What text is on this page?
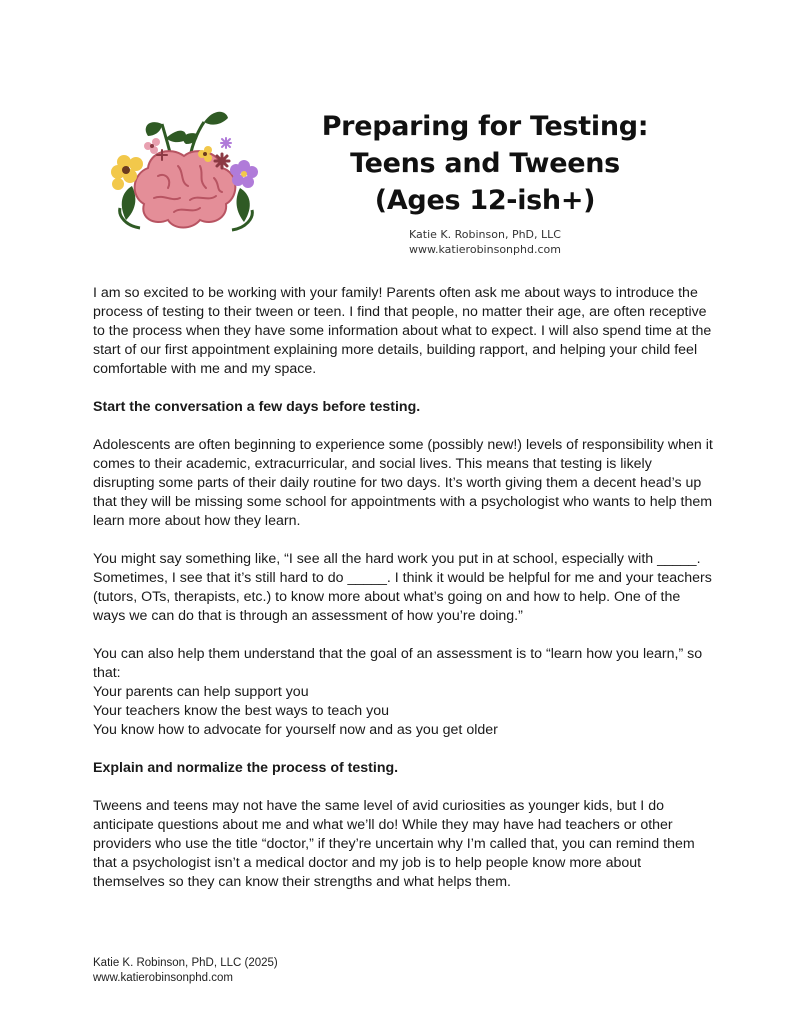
Preparing for Testing:
Teens and Tweens
(Ages 12-ish+)
Katie K. Robinson, PhD, LLC
www.katierobinsonphd.com

I am so excited to be working with your family! Parents often ask me about ways to introduce the process of testing to their tween or teen. I find that people, no matter their age, are often receptive to the process when they have some information about what to expect. I will also spend time at the start of our first appointment explaining more details, building rapport, and helping your child feel comfortable with me and my space.

Start the conversation a few days before testing.

Adolescents are often beginning to experience some (possibly new!) levels of responsibility when it comes to their academic, extracurricular, and social lives. This means that testing is likely disrupting some parts of their daily routine for two days. It’s worth giving them a decent head’s up that they will be missing some school for appointments with a psychologist who wants to help them learn more about how they learn.

You might say something like, “I see all the hard work you put in at school, especially with _____. Sometimes, I see that it’s still hard to do _____. I think it would be helpful for me and your teachers (tutors, OTs, therapists, etc.) to know more about what’s going on and how to help. One of the ways we can do that is through an assessment of how you’re doing.”

You can also help them understand that the goal of an assessment is to “learn how you learn,” so that:

Your parents can help support you

Your teachers know the best ways to teach you

You know how to advocate for yourself now and as you get older

Explain and normalize the process of testing.

Tweens and teens may not have the same level of avid curiosities as younger kids, but I do anticipate questions about me and what we’ll do! While they may have had teachers or other providers who use the title “doctor,” if they’re uncertain why I’m called that, you can remind them that a psychologist isn’t a medical doctor and my job is to help people know more about themselves so they can know their strengths and what helps them.

Katie K. Robinson, PhD, LLC (2025)
www.katierobinsonphd.com
